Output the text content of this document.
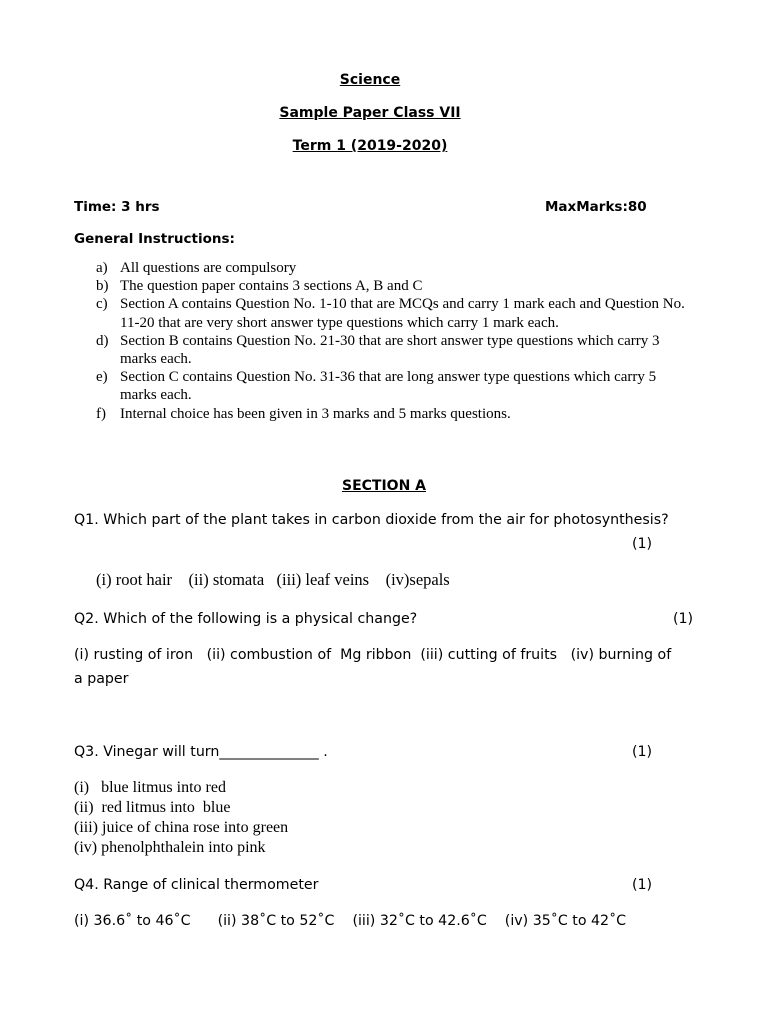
Science
Sample Paper Class VII
Term 1 (2019-2020)
Time: 3 hrs	MaxMarks:80
General Instructions:
a) All questions are compulsory
b) The question paper contains 3 sections A, B and C
c) Section A contains Question No. 1-10 that are MCQs and carry 1 mark each and Question No. 11-20 that are very short answer type questions which carry 1 mark each.
d) Section B contains Question No. 21-30 that are short answer type questions which carry 3 marks each.
e) Section C contains Question No. 31-36 that are long answer type questions which carry 5 marks each.
f) Internal choice has been given in 3 marks and 5 marks questions.
SECTION A
Q1. Which part of the plant takes in carbon dioxide from the air for photosynthesis?
(1)
(i) root hair    (ii) stomata   (iii) leaf veins    (iv)sepals
Q2. Which of the following is a physical change?	(1)
(i) rusting of iron   (ii) combustion of  Mg ribbon  (iii) cutting of fruits   (iv) burning of
a paper
Q3. Vinegar will turn______________ .	(1)
(i)   blue litmus into red
(ii)  red litmus into  blue
(iii) juice of china rose into green
(iv) phenolphthalein into pink
Q4. Range of clinical thermometer	(1)
(i) 36.6˚ to 46˚C      (ii) 38˚C to 52˚C    (iii) 32˚C to 42.6˚C    (iv) 35˚C to 42˚C
